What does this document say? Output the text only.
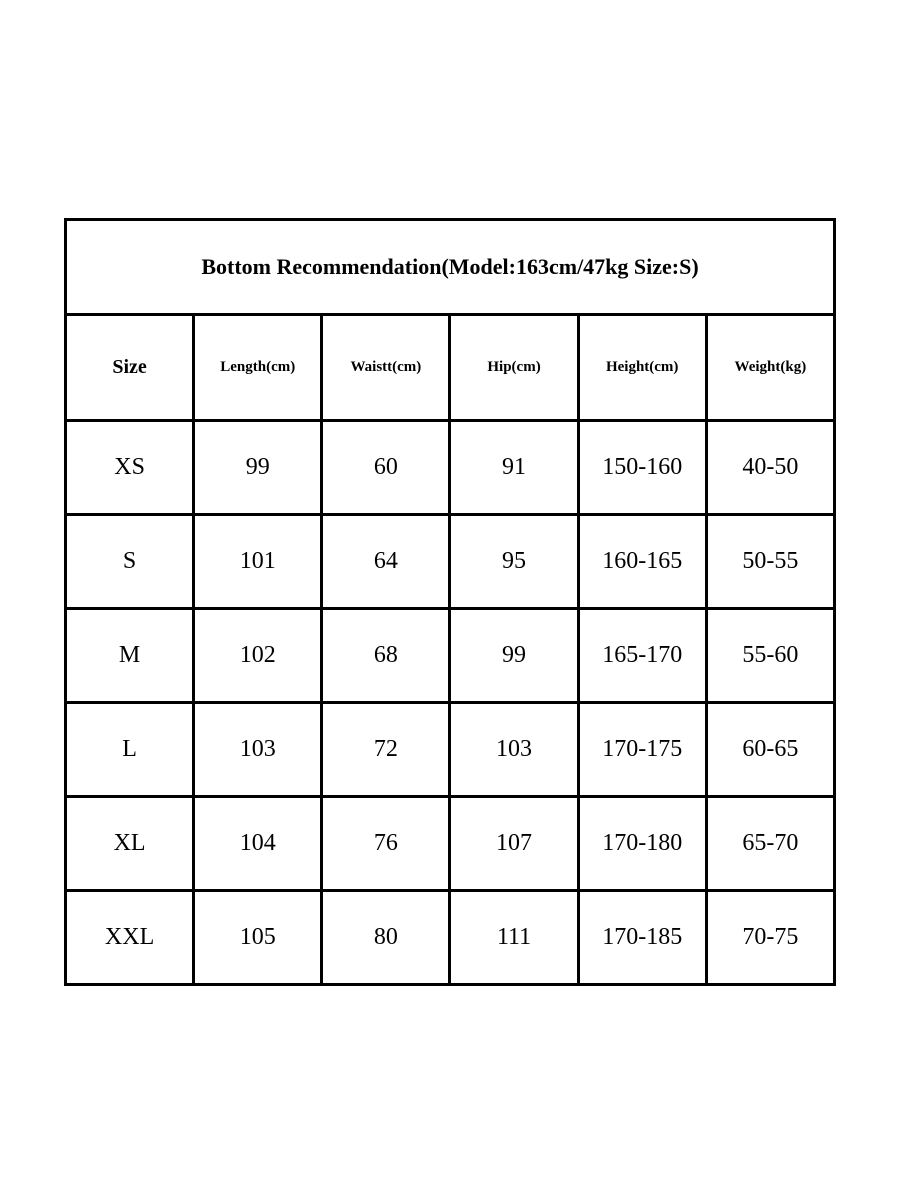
Bottom Recommendation(Model:163cm/47kg Size:S)					
Size	Length(cm)	Waistt(cm)	Hip(cm)	Height(cm)	Weight(kg)
XS	99	60	91	150-160	40-50
S	101	64	95	160-165	50-55
M	102	68	99	165-170	55-60
L	103	72	103	170-175	60-65
XL	104	76	107	170-180	65-70
XXL	105	80	111	170-185	70-75
